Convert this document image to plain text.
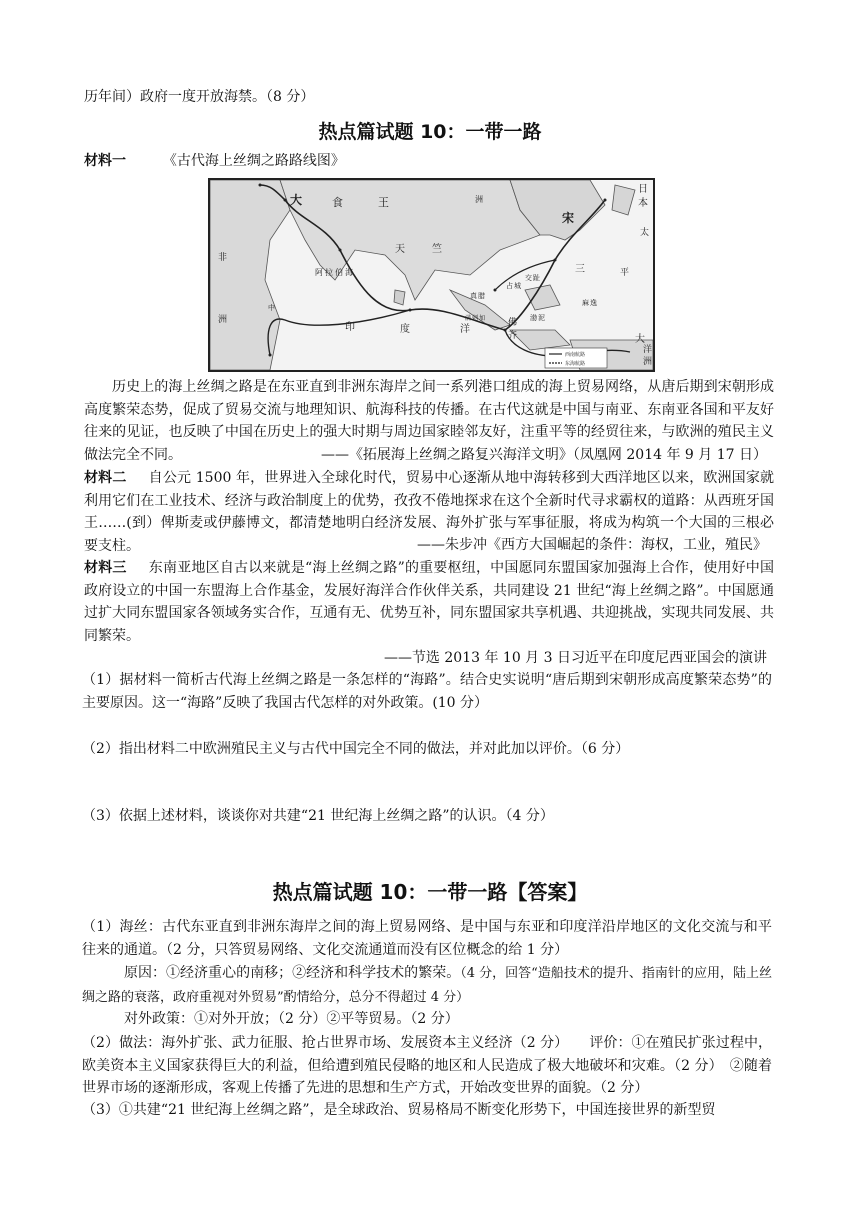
历年间）政府一度开放海禁。（8 分）
热点篇试题 10：一带一路
材料一	《古代海上丝绸之路路线图》
西南航路
东海航路
大	食	王	洲
宋
日
本
非
天	竺
三
佛
齐
印	度	洋
太
平
大
洋
洲
中
阿 拉 伯 海
真 腊
交 趾
占 城
渤 泥
麻 逸
洲	满 刺 加
历史上的海上丝绸之路是在东亚直到非洲东海岸之间一系列港口组成的海上贸易网络，从唐后期到宋朝形成高度繁荣态势，促成了贸易交流与地理知识、航海科技的传播。在古代这就是中国与南亚、东南亚各国和平友好往来的见证，也反映了中国在历史上的强大时期与周边国家睦邻友好，注重平等的经贸往来，与欧洲的殖民主义做法完全不同。	——《拓展海上丝绸之路复兴海洋文明》（凤凰网 2014 年 9 月 17 日）
材料二 自公元 1500 年，世界进入全球化时代，贸易中心逐渐从地中海转移到大西洋地区以来，欧洲国家就利用它们在工业技术、经济与政治制度上的优势，孜孜不倦地探求在这个全新时代寻求霸权的道路：从西班牙国王……(到）俾斯麦或伊藤博文，都清楚地明白经济发展、海外扩张与军事征服，将成为构筑一个大国的三根必要支柱。	——朱步冲《西方大国崛起的条件：海权，工业，殖民》
材料三 东南亚地区自古以来就是“海上丝绸之路”的重要枢纽，中国愿同东盟国家加强海上合作，使用好中国政府设立的中国一东盟海上合作基金，发展好海洋合作伙伴关系，共同建设 21 世纪“海上丝绸之路”。中国愿通过扩大同东盟国家各领域务实合作，互通有无、优势互补，同东盟国家共享机遇、共迎挑战，实现共同发展、共同繁荣。
——节选 2013 年 10 月 3 日习近平在印度尼西亚国会的演讲
（1）据材料一简析古代海上丝绸之路是一条怎样的“海路”。结合史实说明“唐后期到宋朝形成高度繁荣态势”的主要原因。这一“海路”反映了我国古代怎样的对外政策。(10 分）
（2）指出材料二中欧洲殖民主义与古代中国完全不同的做法，并对此加以评价。（6 分）
（3）依据上述材料，谈谈你对共建“21 世纪海上丝绸之路”的认识。（4 分）
热点篇试题 10：一带一路【答案】
（1）海丝：古代东亚直到非洲东海岸之间的海上贸易网络、是中国与东亚和印度洋沿岸地区的文化交流与和平往来的通道。（2 分，只答贸易网络、文化交流通道而没有区位概念的给 1 分）
原因：①经济重心的南移；②经济和科学技术的繁荣。（4 分，回答“造船技术的提升、指南针的应用，陆上丝绸之路的衰落，政府重视对外贸易”酌情给分，总分不得超过 4 分）
对外政策：①对外开放；（2 分）②平等贸易。（2 分）
（2）做法：海外扩张、武力征服、抢占世界市场、发展资本主义经济（2 分）　　评价：①在殖民扩张过程中，欧美资本主义国家获得巨大的利益，但给遭到殖民侵略的地区和人民造成了极大地破坏和灾难。（2 分）　②随着世界市场的逐渐形成，客观上传播了先进的思想和生产方式，开始改变世界的面貌。（2 分）
（3）①共建“21 世纪海上丝绸之路”，是全球政治、贸易格局不断变化形势下，中国连接世界的新型贸
